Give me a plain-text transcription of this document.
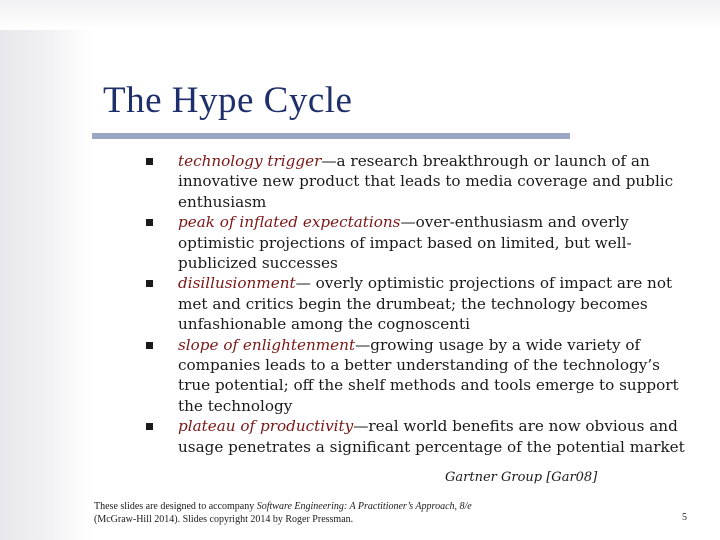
The Hype Cycle
technology trigger—a research breakthrough or launch of an innovative new product that leads to media coverage and public enthusiasm
peak of inflated expectations—over-enthusiasm and overly optimistic projections of impact based on limited, but well-publicized successes
disillusionment— overly optimistic projections of impact are not met and critics begin the drumbeat; the technology becomes unfashionable among the cognoscenti
slope of enlightenment—growing usage by a wide variety of companies leads to a better understanding of the technology’s true potential; off the shelf methods and tools emerge to support the technology
plateau of productivity—real world benefits are now obvious and usage penetrates a significant percentage of the potential market
Gartner Group [Gar08]
These slides are designed to accompany Software Engineering: A Practitioner’s Approach, 8/e (McGraw-Hill 2014). Slides copyright 2014 by Roger Pressman.	5
